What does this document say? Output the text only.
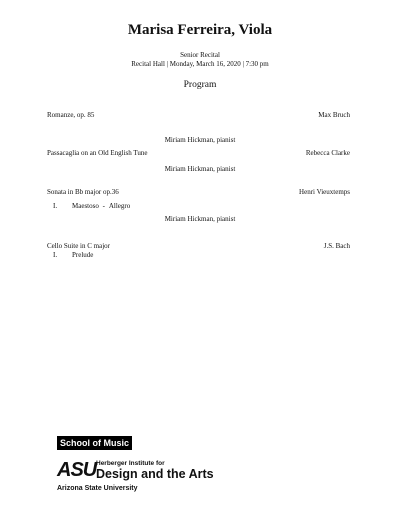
Marisa Ferreira, Viola
Senior Recital
Recital Hall | Monday, March 16, 2020 | 7:30 pm
Program
Romanze, op. 85	Max Bruch
Miriam Hickman, pianist
Passacaglia on an Old English Tune	Rebecca Clarke
Miriam Hickman, pianist
Sonata in Bb major op.36	Henri Vieuxtemps
I. Maestoso - Allegro
Miriam Hickman, pianist
Cello Suite in C major	J.S. Bach
I. Prelude
School of Music
ASU Herberger Institute for
Design and the Arts
Arizona State University
